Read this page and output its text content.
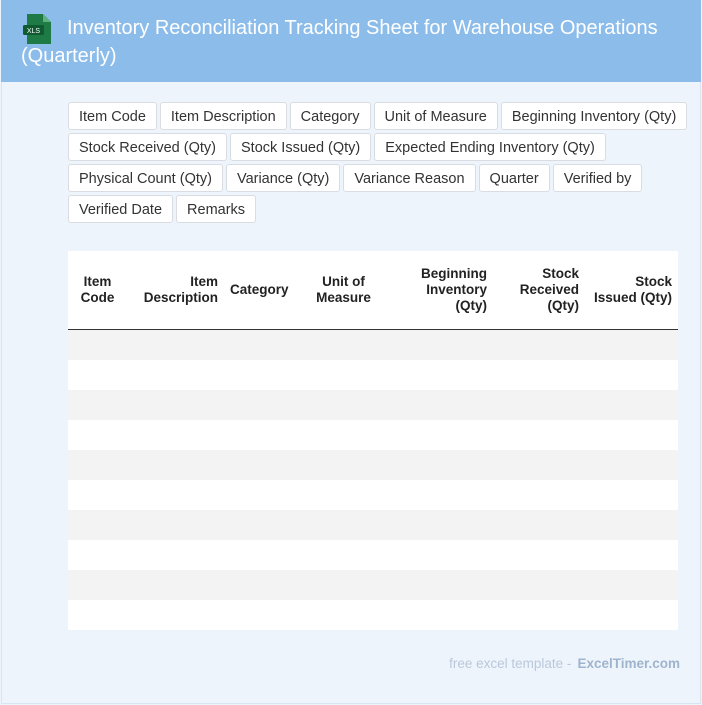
XLS	Inventory Reconciliation Tracking Sheet for Warehouse Operations (Quarterly)
Item Code	Item Description	Category	Unit of Measure	Beginning Inventory (Qty)
Stock Received (Qty)	Stock Issued (Qty)	Expected Ending Inventory (Qty)
Physical Count (Qty)	Variance (Qty)	Variance Reason	Quarter	Verified by
Verified Date	Remarks
Item Code	Item Description	Category	Unit of Measure	Beginning Inventory (Qty)	Stock Received (Qty)	Stock Issued (Qty)

free excel template - ExcelTimer.com
